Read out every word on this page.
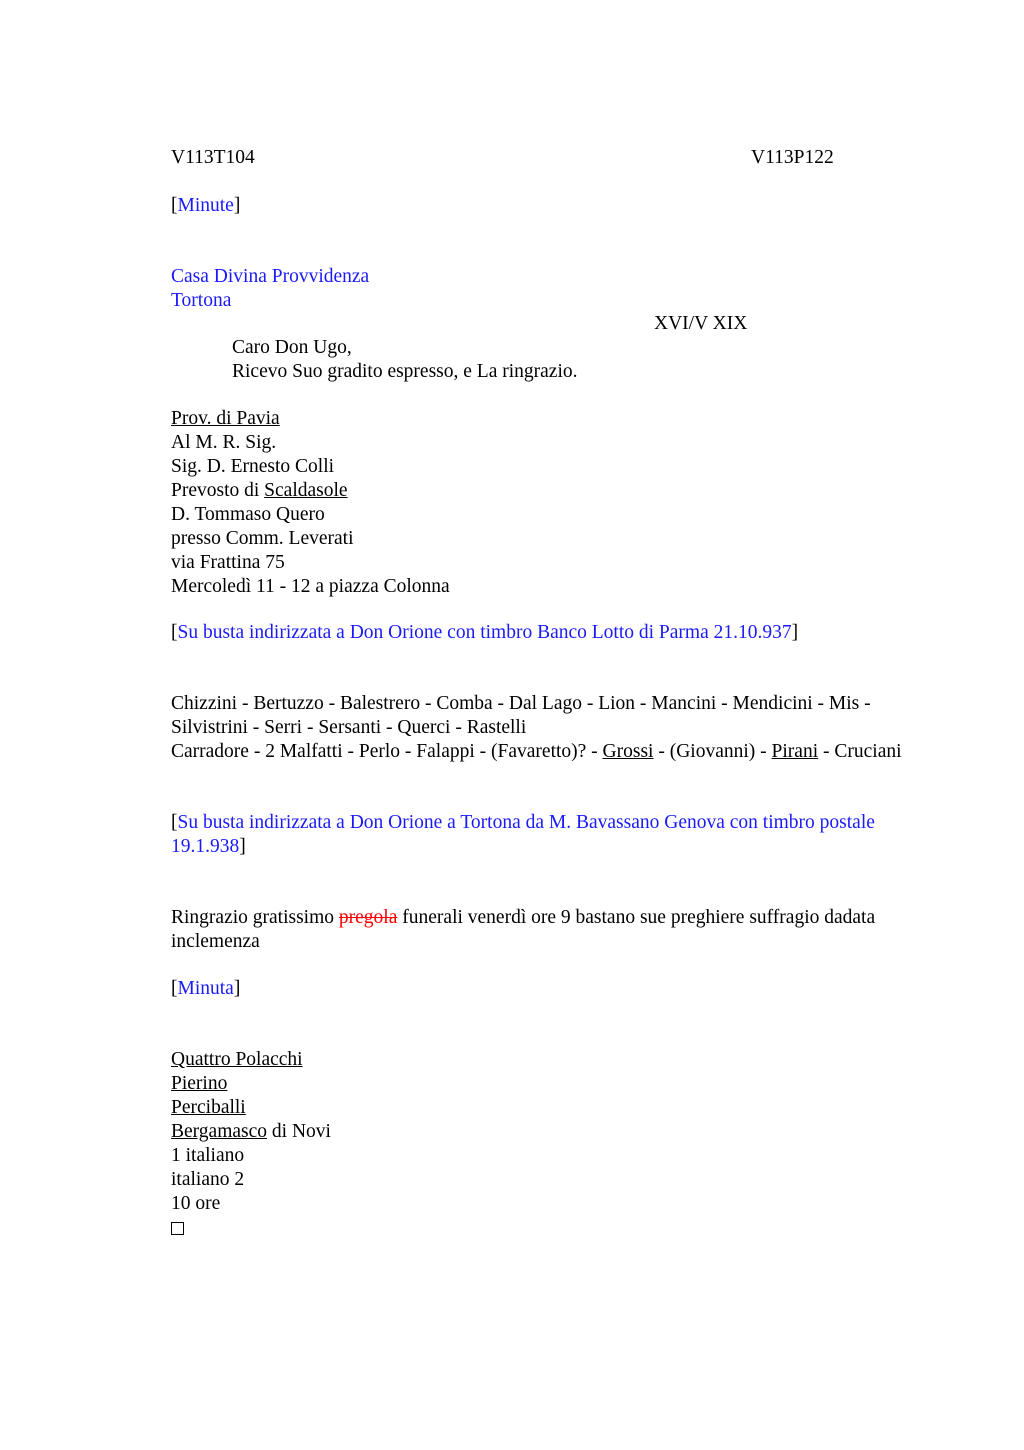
V113T104	V113P122
[Minute]
Casa Divina Provvidenza
Tortona
XVI/V XIX
Caro Don Ugo,
Ricevo Suo gradito espresso, e La ringrazio.
Prov. di Pavia
Al M. R. Sig.
Sig. D. Ernesto Colli
Prevosto di Scaldasole
D. Tommaso Quero
presso Comm. Leverati
via Frattina 75
Mercoledì 11 - 12 a piazza Colonna
[Su busta indirizzata a Don Orione con timbro Banco Lotto di Parma 21.10.937]
Chizzini - Bertuzzo - Balestrero - Comba - Dal Lago - Lion - Mancini - Mendicini - Mis - Silvistrini - Serri - Sersanti - Querci - Rastelli
Carradore - 2 Malfatti - Perlo - Falappi - (Favaretto)? - Grossi - (Giovanni) - Pirani - Cruciani
[Su busta indirizzata a Don Orione a Tortona da M. Bavassano Genova con timbro postale 19.1.938]
Ringrazio gratissimo pregola funerali venerdì ore 9 bastano sue preghiere suffragio dadata inclemenza
[Minuta]
Quattro Polacchi
Pierino
Perciballi
Bergamasco di Novi
1 italiano
italiano 2
10 ore
